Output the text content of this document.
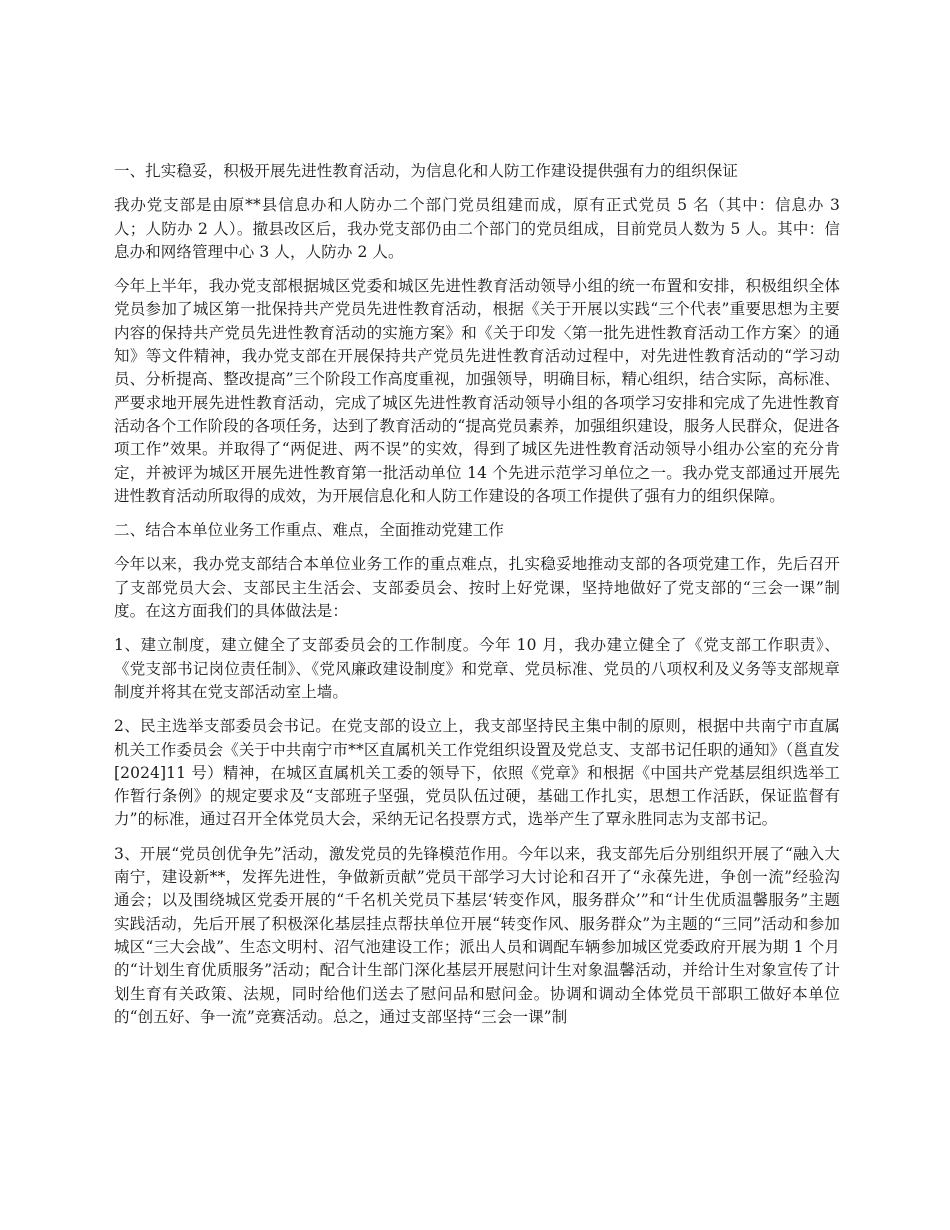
一、扎实稳妥，积极开展先进性教育活动，为信息化和人防工作建设提供强有力的组织保证

我办党支部是由原**县信息办和人防办二个部门党员组建而成，原有正式党员 5 名（其中：信息办 3 人；人防办 2 人）。撤县改区后，我办党支部仍由二个部门的党员组成，目前党员人数为 5 人。其中：信息办和网络管理中心 3 人，人防办 2 人。

今年上半年，我办党支部根据城区党委和城区先进性教育活动领导小组的统一布置和安排，积极组织全体党员参加了城区第一批保持共产党员先进性教育活动，根据《关于开展以实践“三个代表”重要思想为主要内容的保持共产党员先进性教育活动的实施方案》和《关于印发〈第一批先进性教育活动工作方案〉的通知》等文件精神，我办党支部在开展保持共产党员先进性教育活动过程中，对先进性教育活动的“学习动员、分析提高、整改提高”三个阶段工作高度重视，加强领导，明确目标，精心组织，结合实际，高标准、严要求地开展先进性教育活动，完成了城区先进性教育活动领导小组的各项学习安排和完成了先进性教育活动各个工作阶段的各项任务，达到了教育活动的“提高党员素养，加强组织建设，服务人民群众，促进各项工作”效果。并取得了“两促进、两不误”的实效，得到了城区先进性教育活动领导小组办公室的充分肯定，并被评为城区开展先进性教育第一批活动单位 14 个先进示范学习单位之一。我办党支部通过开展先进性教育活动所取得的成效，为开展信息化和人防工作建设的各项工作提供了强有力的组织保障。

二、结合本单位业务工作重点、难点，全面推动党建工作

今年以来，我办党支部结合本单位业务工作的重点难点，扎实稳妥地推动支部的各项党建工作，先后召开了支部党员大会、支部民主生活会、支部委员会、按时上好党课，坚持地做好了党支部的“三会一课”制度。在这方面我们的具体做法是：

1、建立制度，建立健全了支部委员会的工作制度。今年 10 月，我办建立健全了《党支部工作职责》、《党支部书记岗位责任制》、《党风廉政建设制度》和党章、党员标准、党员的八项权利及义务等支部规章制度并将其在党支部活动室上墙。

2、民主选举支部委员会书记。在党支部的设立上，我支部坚持民主集中制的原则，根据中共南宁市直属机关工作委员会《关于中共南宁市**区直属机关工作党组织设置及党总支、支部书记任职的通知》（邕直发[2024]11 号）精神，在城区直属机关工委的领导下，依照《党章》和根据《中国共产党基层组织选举工作暂行条例》的规定要求及“支部班子坚强，党员队伍过硬，基础工作扎实，思想工作活跃，保证监督有力”的标准，通过召开全体党员大会，采纳无记名投票方式，选举产生了覃永胜同志为支部书记。

3、开展“党员创优争先”活动，激发党员的先锋模范作用。今年以来，我支部先后分别组织开展了“融入大南宁，建设新**，发挥先进性，争做新贡献”党员干部学习大讨论和召开了“永葆先进，争创一流”经验沟通会；以及围绕城区党委开展的“千名机关党员下基层‘转变作风，服务群众’”和“计生优质温馨服务”主题实践活动，先后开展了积极深化基层挂点帮扶单位开展“转变作风、服务群众”为主题的“三同”活动和参加城区“三大会战”、生态文明村、沼气池建设工作；派出人员和调配车辆参加城区党委政府开展为期 1 个月的“计划生育优质服务”活动；配合计生部门深化基层开展慰问计生对象温馨活动，并给计生对象宣传了计划生育有关政策、法规，同时给他们送去了慰问品和慰问金。协调和调动全体党员干部职工做好本单位的“创五好、争一流”竞赛活动。总之，通过支部坚持“三会一课”制
